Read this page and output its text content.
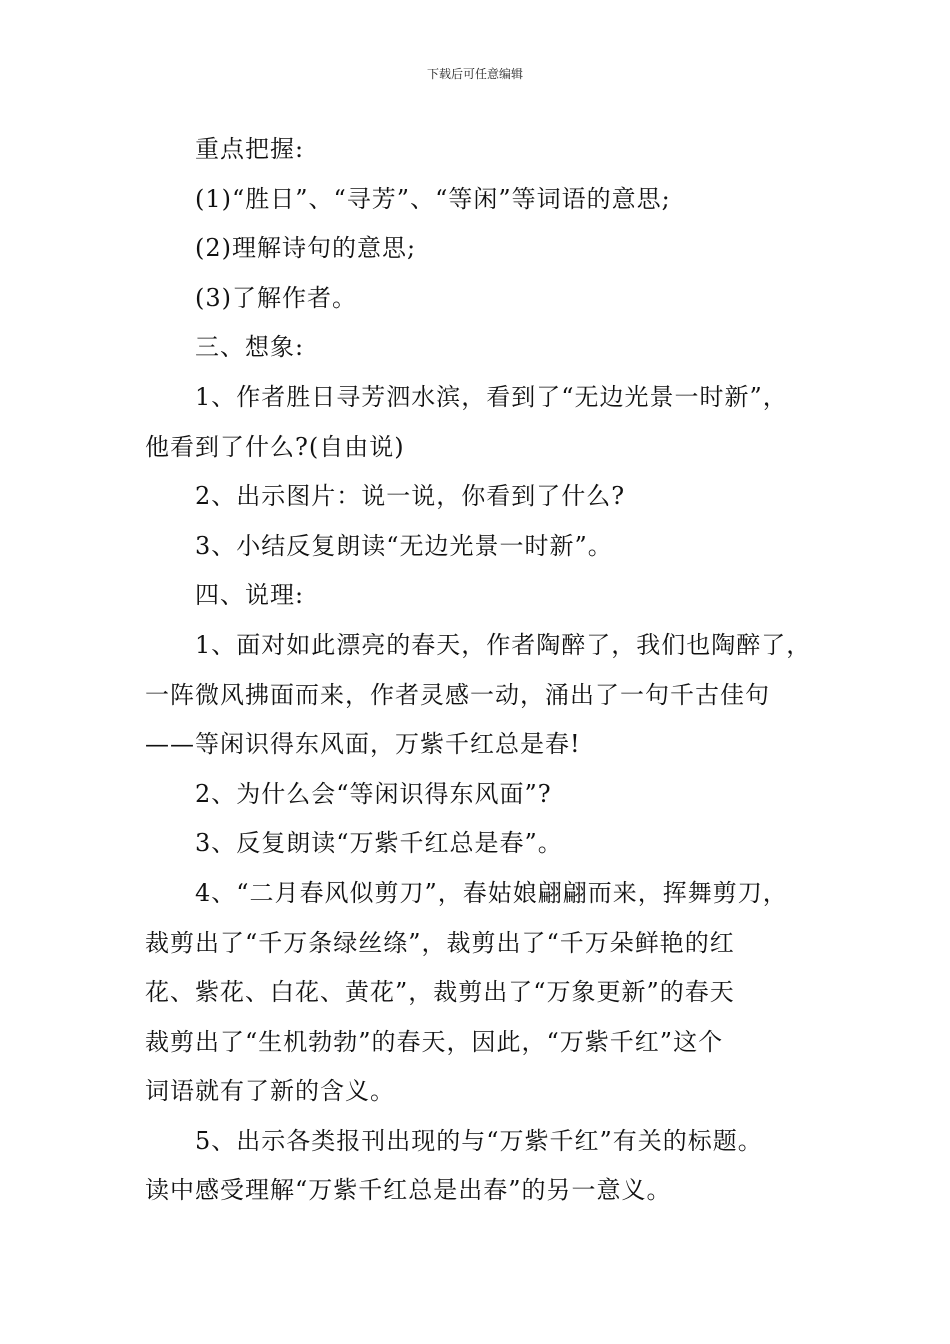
下载后可任意编辑

重点把握:

(1)“胜日”、“寻芳”、“等闲”等词语的意思;

(2)理解诗句的意思;

(3)了解作者。

三、想象:

1、作者胜日寻芳泗水滨，看到了“无边光景一时新”，
他看到了什么?(自由说)

2、出示图片：说一说，你看到了什么?

3、小结反复朗读“无边光景一时新”。

四、说理:

1、面对如此漂亮的春天，作者陶醉了，我们也陶醉了，
一阵微风拂面而来，作者灵感一动，涌出了一句千古佳句
——等闲识得东风面，万紫千红总是春!

2、为什么会“等闲识得东风面”?

3、反复朗读“万紫千红总是春”。

4、“二月春风似剪刀”，春姑娘翩翩而来，挥舞剪刀，
裁剪出了“千万条绿丝绦”，裁剪出了“千万朵鲜艳的红
花、紫花、白花、黄花”，裁剪出了“万象更新”的春天
裁剪出了“生机勃勃”的春天，因此，“万紫千红”这个
词语就有了新的含义。

5、出示各类报刊出现的与“万紫千红”有关的标题。
读中感受理解“万紫千红总是出春”的另一意义。
